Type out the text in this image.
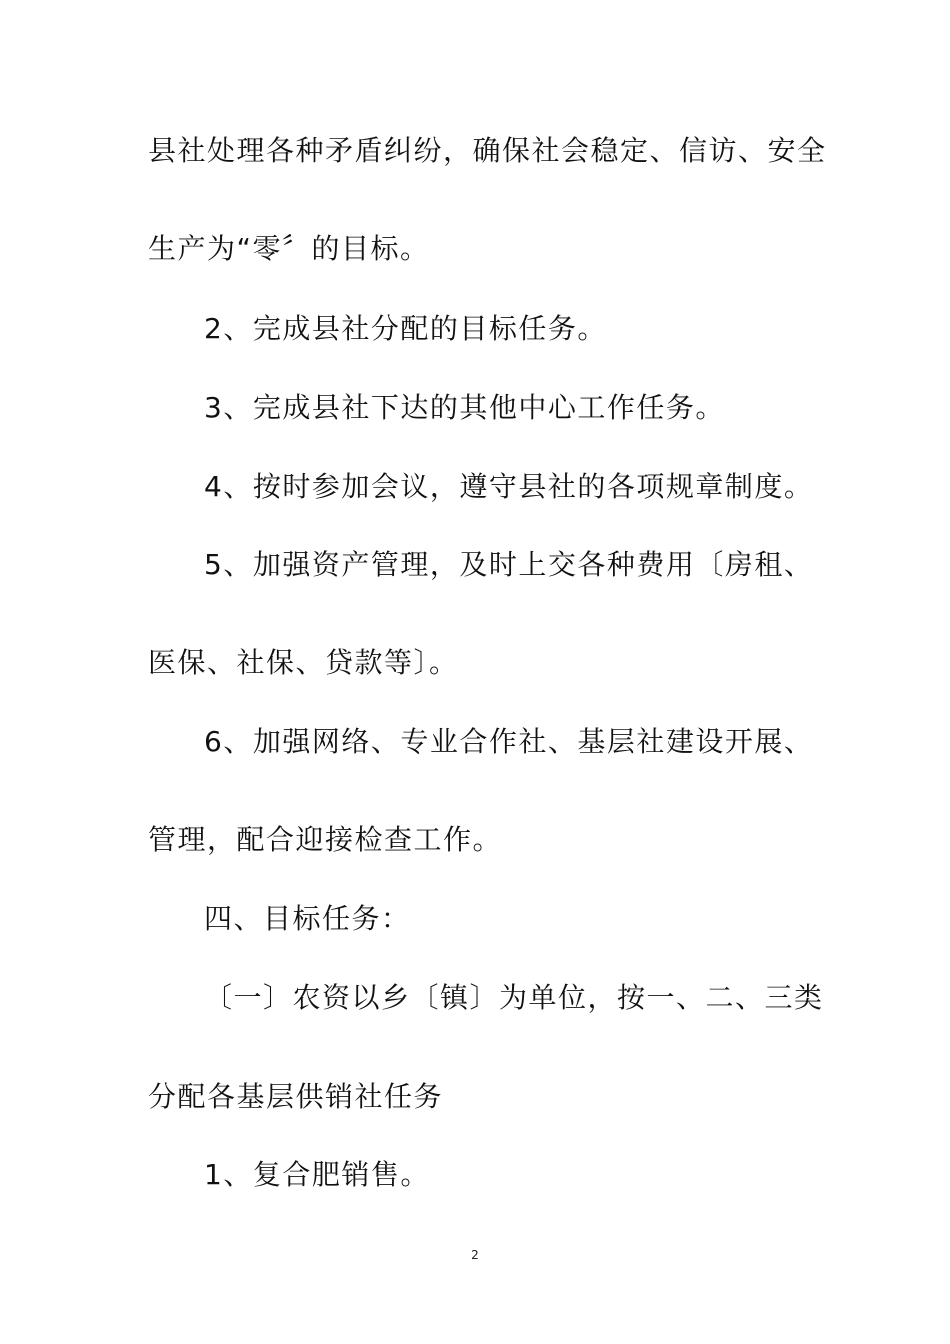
县社处理各种矛盾纠纷，确保社会稳定、信访、安全
生产为“零〞的目标。
2、完成县社分配的目标任务。
3、完成县社下达的其他中心工作任务。
4、按时参加会议，遵守县社的各项规章制度。
5、加强资产管理，及时上交各种费用〔房租、
医保、社保、贷款等〕。
6、加强网络、专业合作社、基层社建设开展、
管理，配合迎接检查工作。
四、目标任务：
〔一〕农资以乡〔镇〕为单位，按一、二、三类
分配各基层供销社任务
1、复合肥销售。
2
